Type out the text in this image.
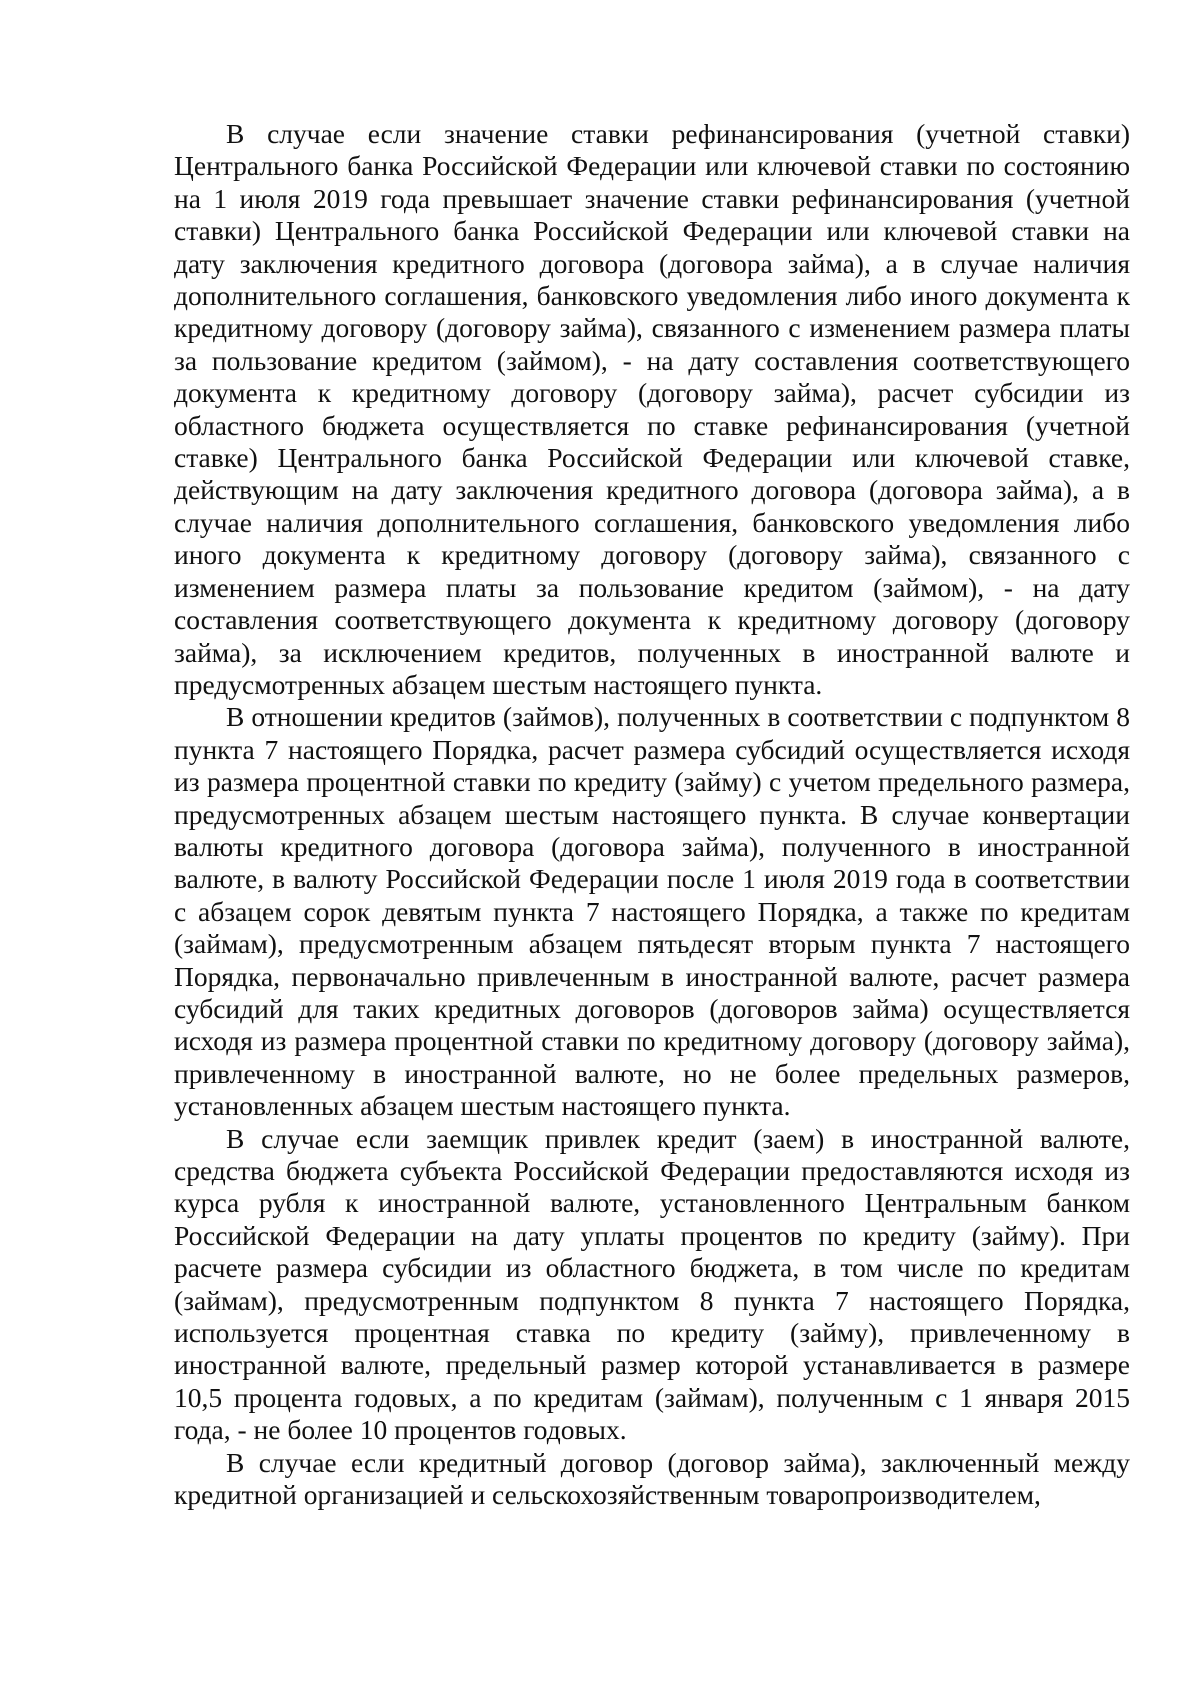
В случае если значение ставки рефинансирования (учетной ставки) Центрального банка Российской Федерации или ключевой ставки по состоянию на 1 июля 2019 года превышает значение ставки рефинансирования (учетной ставки) Центрального банка Российской Федерации или ключевой ставки на дату заключения кредитного договора (договора займа), а в случае наличия дополнительного соглашения, банковского уведомления либо иного документа к кредитному договору (договору займа), связанного с изменением размера платы за пользование кредитом (займом), - на дату составления соответствующего документа к кредитному договору (договору займа), расчет субсидии из областного бюджета осуществляется по ставке рефинансирования (учетной ставке) Центрального банка Российской Федерации или ключевой ставке, действующим на дату заключения кредитного договора (договора займа), а в случае наличия дополнительного соглашения, банковского уведомления либо иного документа к кредитному договору (договору займа), связанного с изменением размера платы за пользование кредитом (займом), - на дату составления соответствующего документа к кредитному договору (договору займа), за исключением кредитов, полученных в иностранной валюте и предусмотренных абзацем шестым настоящего пункта.

В отношении кредитов (займов), полученных в соответствии с подпунктом 8 пункта 7 настоящего Порядка, расчет размера субсидий осуществляется исходя из размера процентной ставки по кредиту (займу) с учетом предельного размера, предусмотренных абзацем шестым настоящего пункта. В случае конвертации валюты кредитного договора (договора займа), полученного в иностранной валюте, в валюту Российской Федерации после 1 июля 2019 года в соответствии с абзацем сорок девятым пункта 7 настоящего Порядка, а также по кредитам (займам), предусмотренным абзацем пятьдесят вторым пункта 7 настоящего Порядка, первоначально привлеченным в иностранной валюте, расчет размера субсидий для таких кредитных договоров (договоров займа) осуществляется исходя из размера процентной ставки по кредитному договору (договору займа), привлеченному в иностранной валюте, но не более предельных размеров, установленных абзацем шестым настоящего пункта.

В случае если заемщик привлек кредит (заем) в иностранной валюте, средства бюджета субъекта Российской Федерации предоставляются исходя из курса рубля к иностранной валюте, установленного Центральным банком Российской Федерации на дату уплаты процентов по кредиту (займу). При расчете размера субсидии из областного бюджета, в том числе по кредитам (займам), предусмотренным подпунктом 8 пункта 7 настоящего Порядка, используется процентная ставка по кредиту (займу), привлеченному в иностранной валюте, предельный размер которой устанавливается в размере 10,5 процента годовых, а по кредитам (займам), полученным с 1 января 2015 года, - не более 10 процентов годовых.

В случае если кредитный договор (договор займа), заключенный между кредитной организацией и сельскохозяйственным товаропроизводителем,
